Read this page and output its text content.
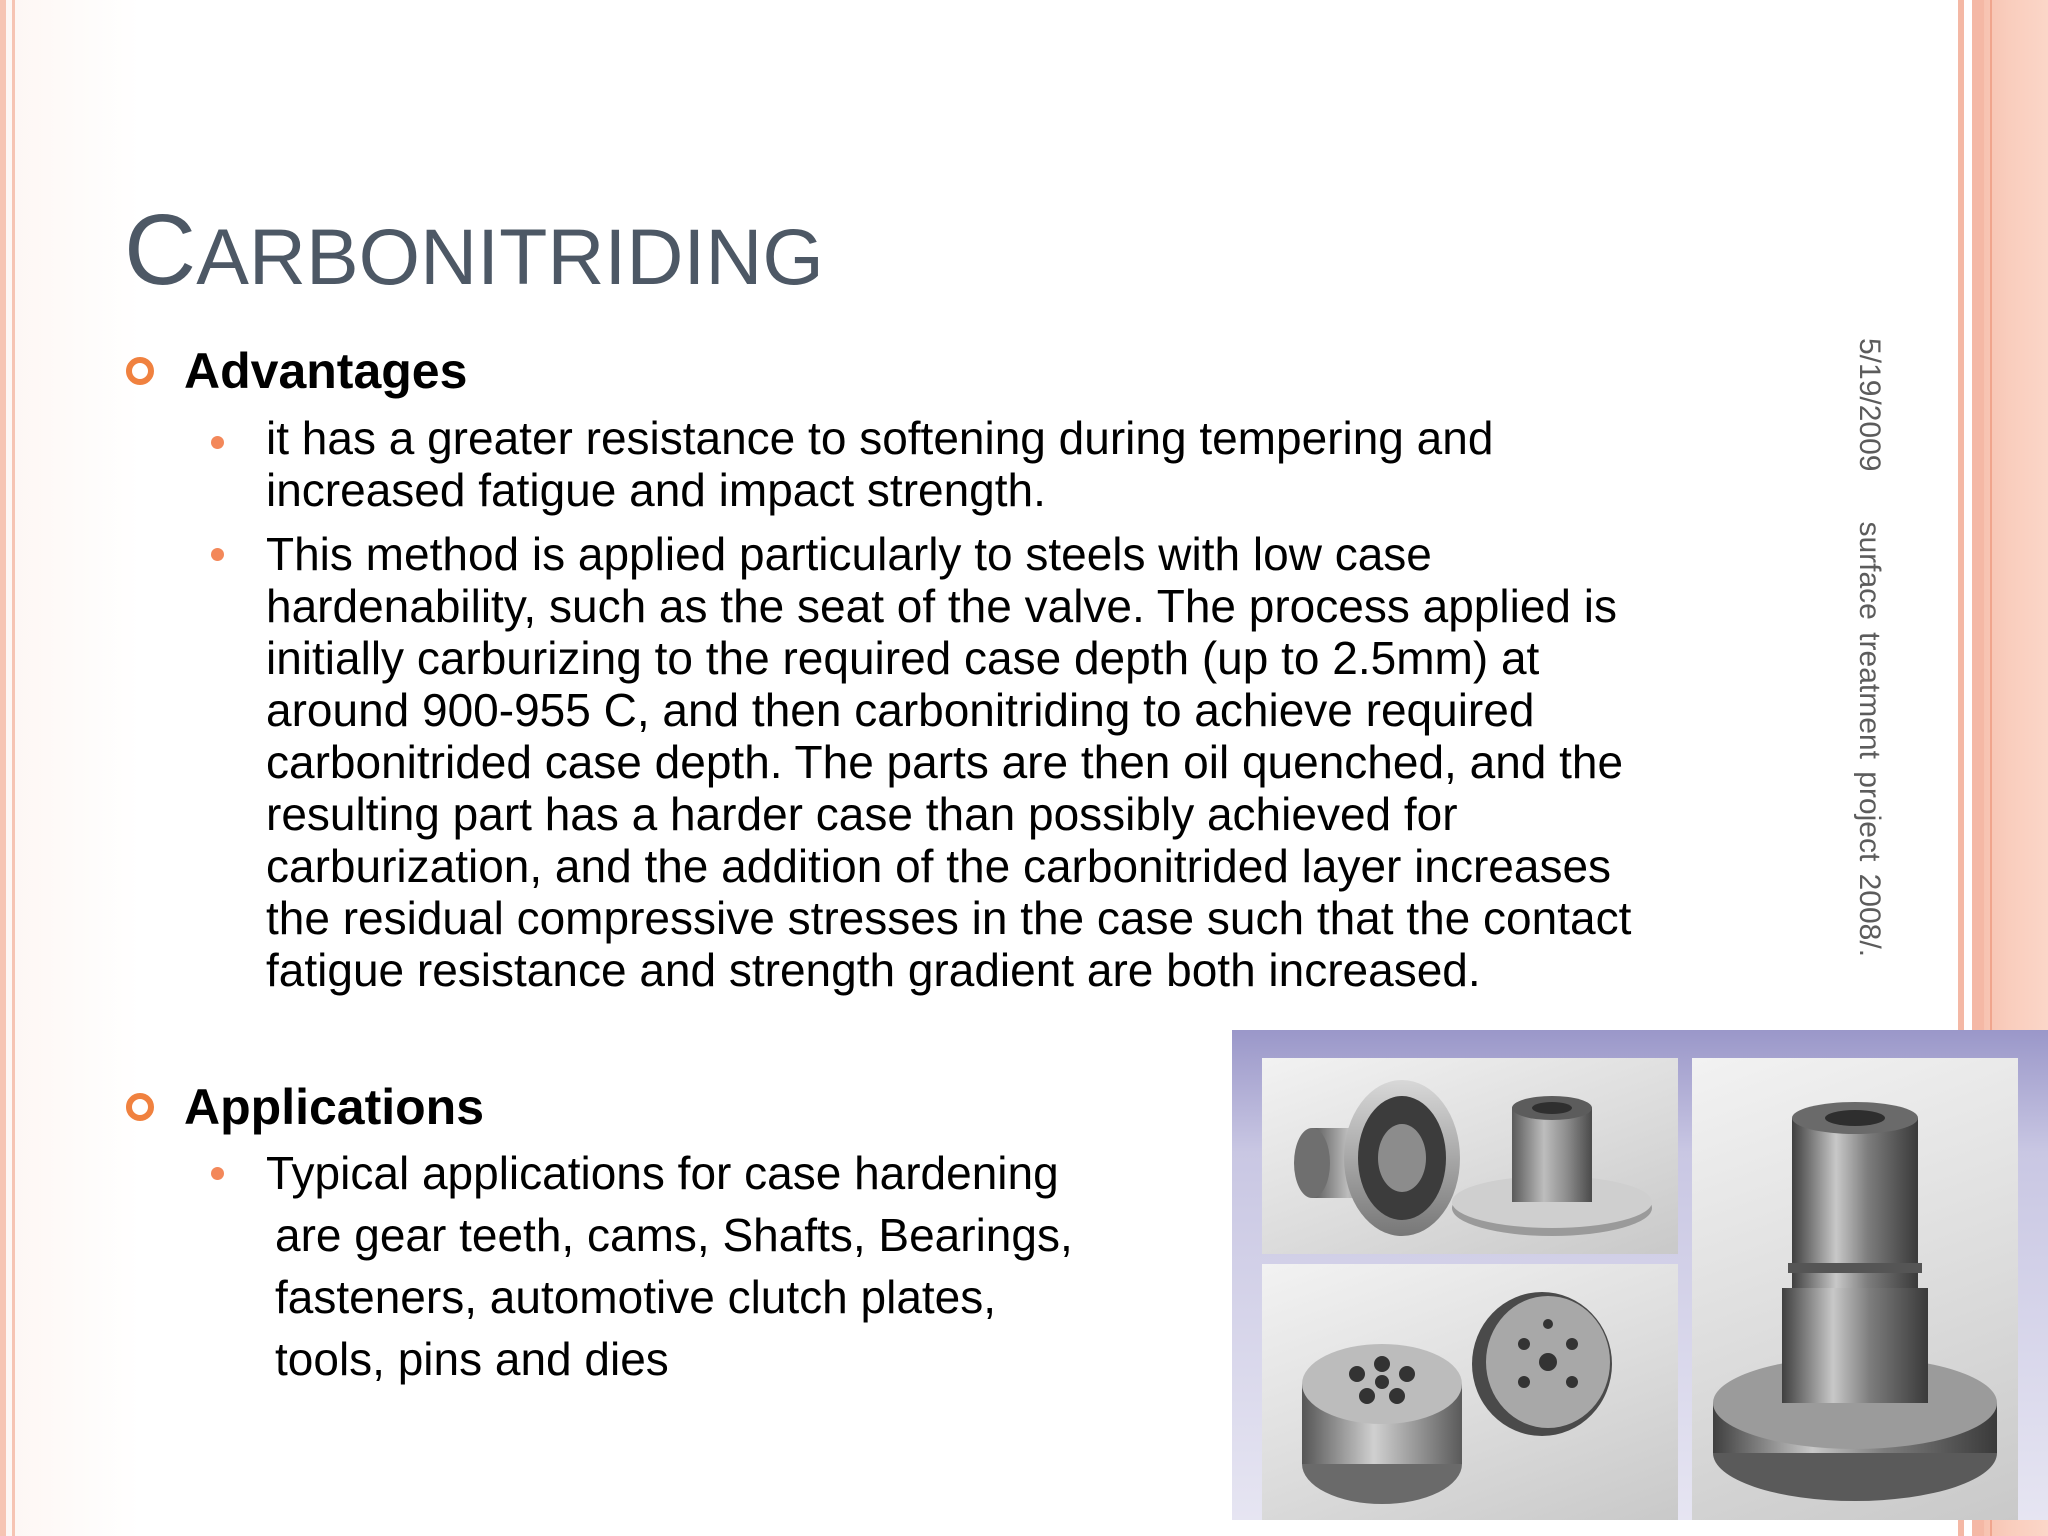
CARBONITRIDING
5/19/2009surface treatment project 2008/.
Advantages
it has a greater resistance to softening during tempering and
increased fatigue and impact strength.
This method is applied particularly to steels with low case
hardenability, such as the seat of the valve. The process applied is
initially carburizing to the required case depth (up to 2.5mm) at
around 900-955 C, and then carbonitriding to achieve required
carbonitrided case depth. The parts are then oil quenched, and the
resulting part has a harder case than possibly achieved for
carburization, and the addition of the carbonitrided layer increases
the residual compressive stresses in the case such that the contact
fatigue resistance and strength gradient are both increased.
Applications
Typical applications for case hardening
are gear teeth, cams, Shafts, Bearings,
fasteners, automotive clutch plates,
tools, pins and dies
